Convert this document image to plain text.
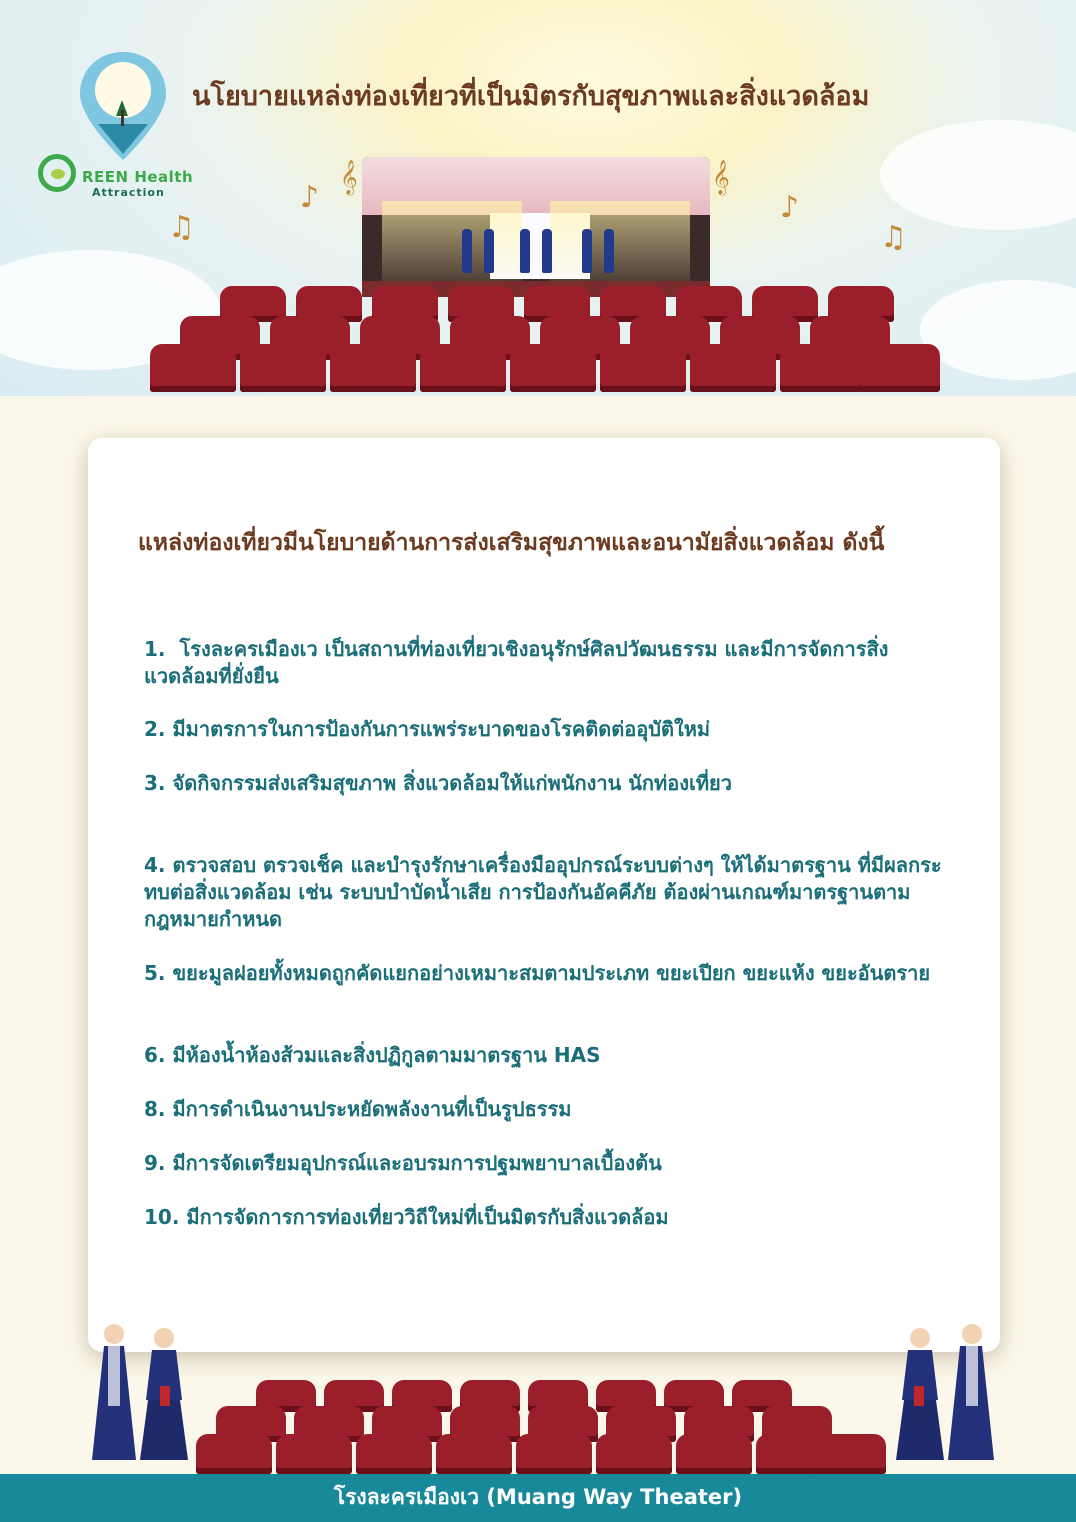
REEN Health
Attraction
นโยบายแหล่งท่องเที่ยวที่เป็นมิตรกับสุขภาพและสิ่งแวดล้อม
♫
♪
𝄞	𝄞
♪
♫
แหล่งท่องเที่ยวมีนโยบายด้านการส่งเสริมสุขภาพและอนามัยสิ่งแวดล้อม ดังนี้
1. โรงละครเมืองเว เป็นสถานที่ท่องเที่ยวเชิงอนุรักษ์ศิลปวัฒนธรรม และมีการจัดการสิ่งแวดล้อมที่ยั่งยืน
2. มีมาตรการในการป้องกันการแพร่ระบาดของโรคติดต่ออุบัติใหม่
3. จัดกิจกรรมส่งเสริมสุขภาพ สิ่งแวดล้อมให้แก่พนักงาน นักท่องเที่ยว
4. ตรวจสอบ ตรวจเช็ค และบำรุงรักษาเครื่องมืออุปกรณ์ระบบต่างๆ ให้ได้มาตรฐาน ที่มีผลกระทบต่อสิ่งแวดล้อม เช่น ระบบบำบัดน้ำเสีย การป้องกันอัคคีภัย ต้องผ่านเกณฑ์มาตรฐานตามกฎหมายกำหนด
5. ขยะมูลฝอยทั้งหมดถูกคัดแยกอย่างเหมาะสมตามประเภท ขยะเปียก ขยะแห้ง ขยะอันตราย
6. มีห้องน้ำห้องส้วมและสิ่งปฏิกูลตามมาตรฐาน HAS
8. มีการดำเนินงานประหยัดพลังงานที่เป็นรูปธรรม
9. มีการจัดเตรียมอุปกรณ์และอบรมการปฐมพยาบาลเบื้องต้น
10. มีการจัดการการท่องเที่ยววิถีใหม่ที่เป็นมิตรกับสิ่งแวดล้อม
โรงละครเมืองเว (Muang Way Theater)
